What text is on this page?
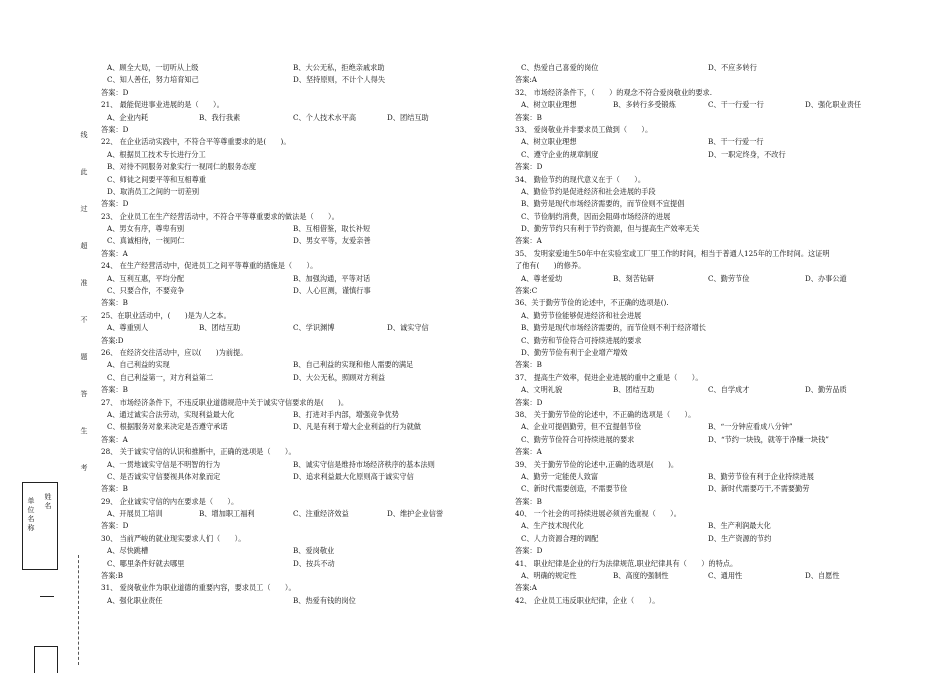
线
此
过
超
准
不
题
答
生
考
单位名称
姓名
A、顾全大局，一切听从上级	B、大公无私，拒绝亲戚求助
C、知人善任，努力培育知己	D、坚持原则，不计个人得失
答案：D
21、 最能促进事业进展的是（　　）。
A、企业内耗	B、我行我素	C、个人技术水平高	D、团结互助
答案：D
22、 在企业活动实践中，不符合平等尊重要求的是(　　)。
A、根据员工技术专长进行分工
B、对待不同服务对象实行一视同仁的服务态度
C、师徒之间要平等和互相尊重
D、取消员工之间的一切差别
答案：D
23、 企业员工在生产经营活动中，不符合平等尊重要求的做法是（　　）。
A、男女有序，尊卑有别	B、互相借鉴，取长补短
C、真诚相待，一视同仁	D、男女平等，友爱亲善
答案：A
24、 在生产经营活动中，促进员工之间平等尊重的措施是（　　）。
A、互利互惠，平均分配	B、加强沟通，平等对话
C、只要合作，不要竞争	D、人心叵测，谨慎行事
答案：B
25、在职业活动中，(　　)是为人之本。
A、尊重别人	B、团结互助	C、学识渊博	D、诚实守信
答案:D
26、 在经济交往活动中，应以(　　)为前提。
A、自己利益的实现	B、自己利益的实现和他人需要的满足
C、自己利益第一，对方利益第二	D、大公无私，照顾对方利益
答案：B
27、 市场经济条件下，不违反职业道德规范中关于诚实守信要求的是(　　)。
A、通过诚实合法劳动，实现利益最大化	B、打进对手内部，增强竞争优势
C、根据服务对象来决定是否遵守承诺	D、凡是有利于增大企业利益的行为就做
答案：A
28、 关于诚实守信的认识和推断中，正确的选项是（　　）。
A、一贯地诚实守信是不明智的行为	B、诚实守信是维持市场经济秩序的基本法则
C、是否诚实守信要视具体对象而定	D、追求利益最大化原则高于诚实守信
答案：B
29、 企业诚实守信的内在要求是（　　）。
A、开展员工培训	B、增加职工福利	C、注重经济效益	D、维护企业信誉
答案：D
30、 当前严峻的就业现实要求人们（　　）。
A、尽快跳槽	B、爱岗敬业
C、哪里条件好就去哪里	D、按兵不动
答案:B
31、 爱岗敬业作为职业道德的重要内容，要求员工（　　）。
A、强化职业责任	B、热爱有钱的岗位
C、热爱自己喜爱的岗位	D、不应多转行
答案:A
32、 市场经济条件下，（　　）的观念不符合爱岗敬业的要求.
A、树立职业理想	B、多转行多受锻炼	C、干一行爱一行	D、强化职业责任
答案：B
33、 爱岗敬业并非要求员工做到（　　）。
A、树立职业理想	B、干一行爱一行
C、遵守企业的规章制度	D、一职定终身，不改行
答案：D
34、 勤俭节约的现代意义在于（　　）。
A、勤俭节约是促进经济和社会进展的手段
B、勤劳是现代市场经济需要的，而节俭则不宜提倡
C、节俭制约消费，因而会阻碍市场经济的进展
D、勤劳节约只有利于节约资源，但与提高生产效率无关
答案：A
35、 发明家爱迪生50年中在实验室或工厂里工作的时间，相当于普通人125年的工作时间。这证明
了他有(　　)的修养。
A、尊老爱幼	B、刻苦钻研	C、勤劳节俭	D、办事公道
答案:C
36、关于勤劳节俭的论述中，不正确的选项是().
A、勤劳节俭能够促进经济和社会进展
B、勤劳是现代市场经济需要的，而节俭则不利于经济增长
C、勤劳和节俭符合可持续进展的要求
D、勤劳节俭有利于企业增产增效
答案：B
37、 提高生产效率，促进企业进展的重中之重是（　　）。
A、文明礼貌	B、团结互助	C、自学成才	D、勤劳品质
答案：D
38、 关于勤劳节俭的论述中，不正确的选项是（　　）。
A、企业可提倡勤劳，但不宜提倡节俭	B、“一分钟应看成八分钟”
C、勤劳节俭符合可持续进展的要求	D、“节约一块钱，就等于净赚一块钱”
答案：A
39、 关于勤劳节俭的论述中,正确的选项是(　　)。
A、勤劳一定能使人致富	B、勤劳节俭有利于企业持续进展
C、新时代需要创造，不需要节俭	D、新时代需要巧干,不需要勤劳
答案：B
40、 一个社会的可持续进展必须首先重视（　　）。
A、生产技术现代化	B、生产利润最大化
C、人力资源合理的调配	D、生产资源的节约
答案：D
41、 职业纪律是企业的行为法律规范,职业纪律具有（　　）的特点。
A、明确的规定性	B、高度的强制性	C、通用性	D、自愿性
答案:A
42、 企业员工违反职业纪律，企业（　　）。
